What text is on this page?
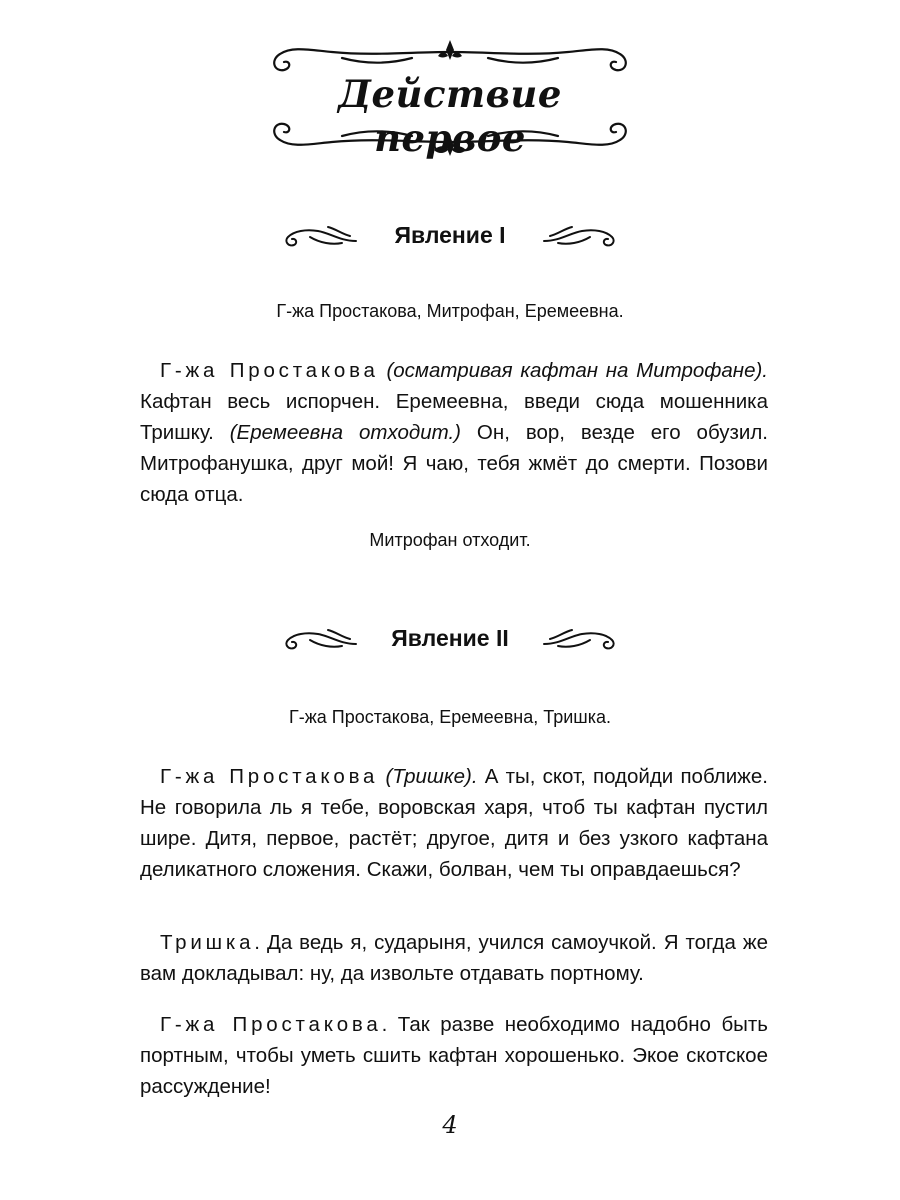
Действие первое
Явление I

Г-жа Простакова, Митрофан, Еремеевна.

Г-жа Простакова (осматривая кафтан на Митрофане). Кафтан весь испорчен. Еремеевна, введи сюда мошенника Тришку. (Еремеевна отходит.) Он, вор, везде его обузил. Митрофанушка, друг мой! Я чаю, тебя жмёт до смерти. Позови сюда отца.

Митрофан отходит.

Явление II

Г-жа Простакова, Еремеевна, Тришка.

Г-жа Простакова (Тришке). А ты, скот, подойди поближе. Не говорила ль я тебе, воровская харя, чтоб ты кафтан пустил шире. Дитя, первое, растёт; другое, дитя и без узкого кафтана деликатного сложения. Скажи, болван, чем ты оправдаешься?

Тришка. Да ведь я, сударыня, учился самоучкой. Я тогда же вам докладывал: ну, да извольте отдавать портному.

Г-жа Простакова. Так разве необходимо надобно быть портным, чтобы уметь сшить кафтан хорошенько. Экое скотское рассуждение!

4
